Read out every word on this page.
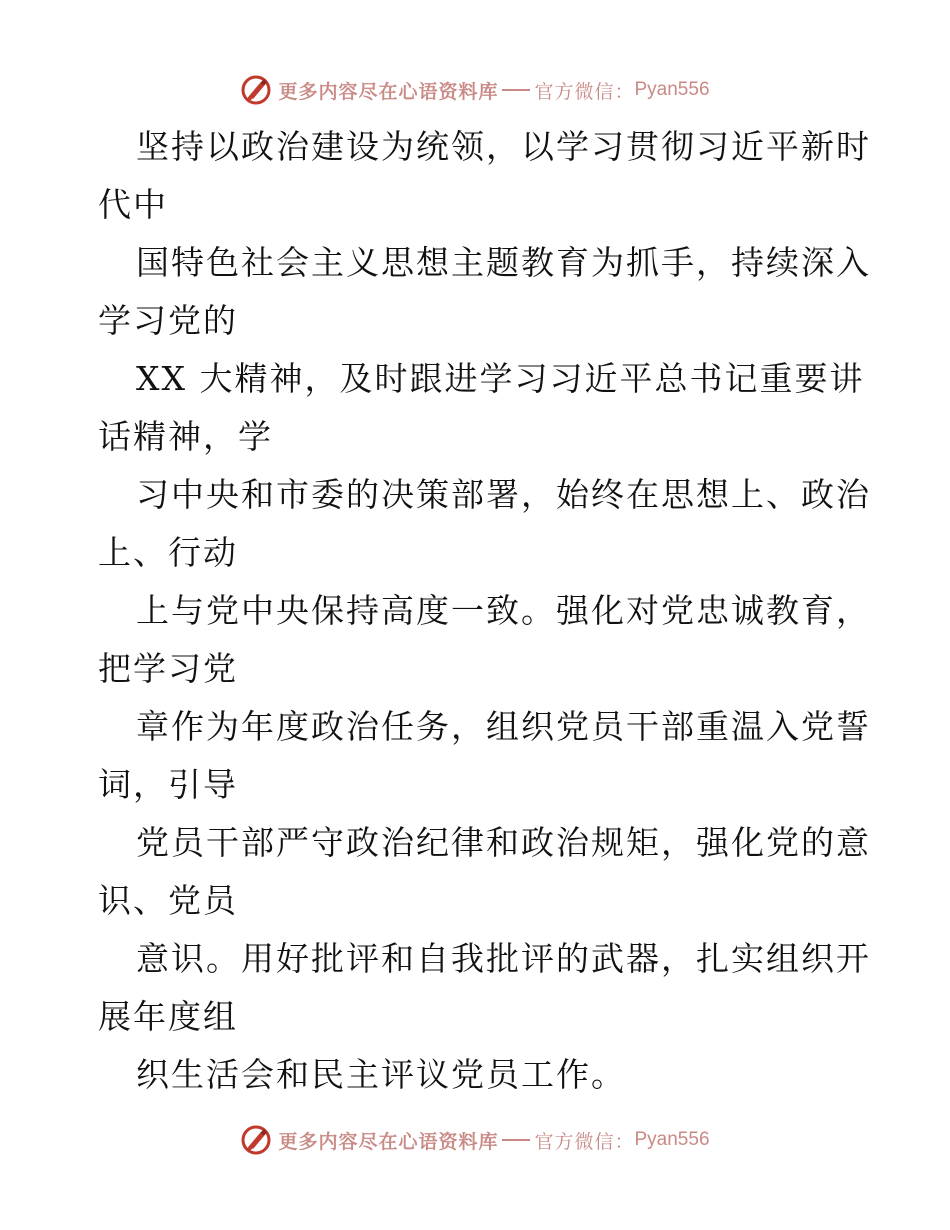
更多内容尽在心语资料库 官方微信： Pyan556
坚持以政治建设为统领，以学习贯彻习近平新时
代中
国特色社会主义思想主题教育为抓手，持续深入
学习党的
XX 大精神，及时跟进学习习近平总书记重要讲
话精神，学
习中央和市委的决策部署，始终在思想上、政治
上、行动
上与党中央保持高度一致。强化对党忠诚教育，
把学习党
章作为年度政治任务，组织党员干部重温入党誓
词，引导
党员干部严守政治纪律和政治规矩，强化党的意
识、党员
意识。用好批评和自我批评的武器，扎实组织开
展年度组
织生活会和民主评议党员工作。
更多内容尽在心语资料库 官方微信： Pyan556
